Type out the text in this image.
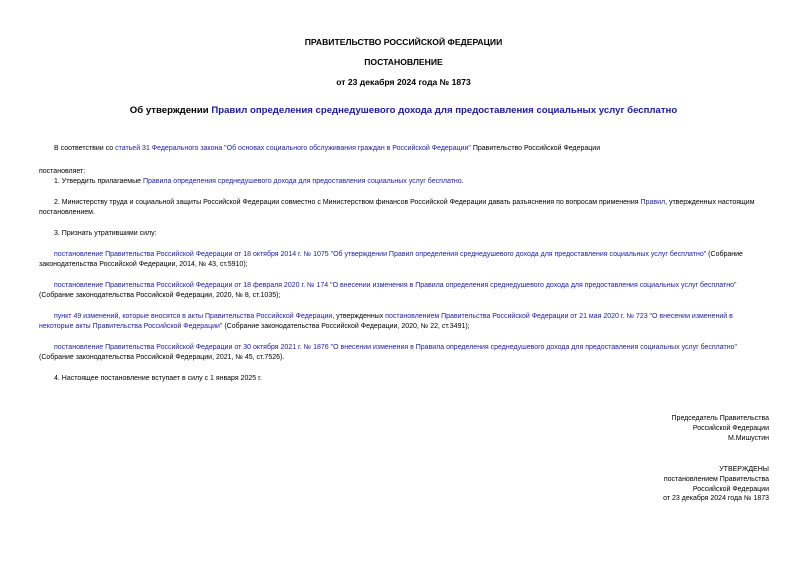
ПРАВИТЕЛЬСТВО РОССИЙСКОЙ ФЕДЕРАЦИИ
ПОСТАНОВЛЕНИЕ
от 23 декабря 2024 года № 1873
Об утверждении Правил определения среднедушевого дохода для предоставления социальных услуг бесплатно
В соответствии со статьей 31 Федерального закона "Об основах социального обслуживания граждан в Российской Федерации" Правительство Российской Федерации
постановляет:
1. Утвердить прилагаемые Правила определения среднедушевого дохода для предоставления социальных услуг бесплатно.
2. Министерству труда и социальной защиты Российской Федерации совместно с Министерством финансов Российской Федерации давать разъяснения по вопросам применения Правил, утвержденных настоящим постановлением.
3. Признать утратившими силу:
постановление Правительства Российской Федерации от 18 октября 2014 г. № 1075 "Об утверждении Правил определения среднедушевого дохода для предоставления социальных услуг бесплатно" (Собрание законодательства Российской Федерации, 2014, № 43, ст.5910);
постановление Правительства Российской Федерации от 18 февраля 2020 г. № 174 "О внесении изменения в Правила определения среднедушевого дохода для предоставления социальных услуг бесплатно" (Собрание законодательства Российской Федерации, 2020, № 8, ст.1035);
пункт 49 изменений, которые вносятся в акты Правительства Российской Федерации, утвержденных постановлением Правительства Российской Федерации от 21 мая 2020 г. № 723 "О внесении изменений в некоторые акты Правительства Российской Федерации" (Собрание законодательства Российской Федерации, 2020, № 22, ст.3491);
постановление Правительства Российской Федерации от 30 октября 2021 г. № 1876 "О внесении изменения в Правила определения среднедушевого дохода для предоставления социальных услуг бесплатно" (Собрание законодательства Российской Федерации, 2021, № 45, ст.7526).
4. Настоящее постановление вступает в силу с 1 января 2025 г.
Председатель Правительства
Российской Федерации
М.Мишустин
УТВЕРЖДЕНЫ
постановлением Правительства
Российской Федерации
от 23 декабря 2024 года № 1873
